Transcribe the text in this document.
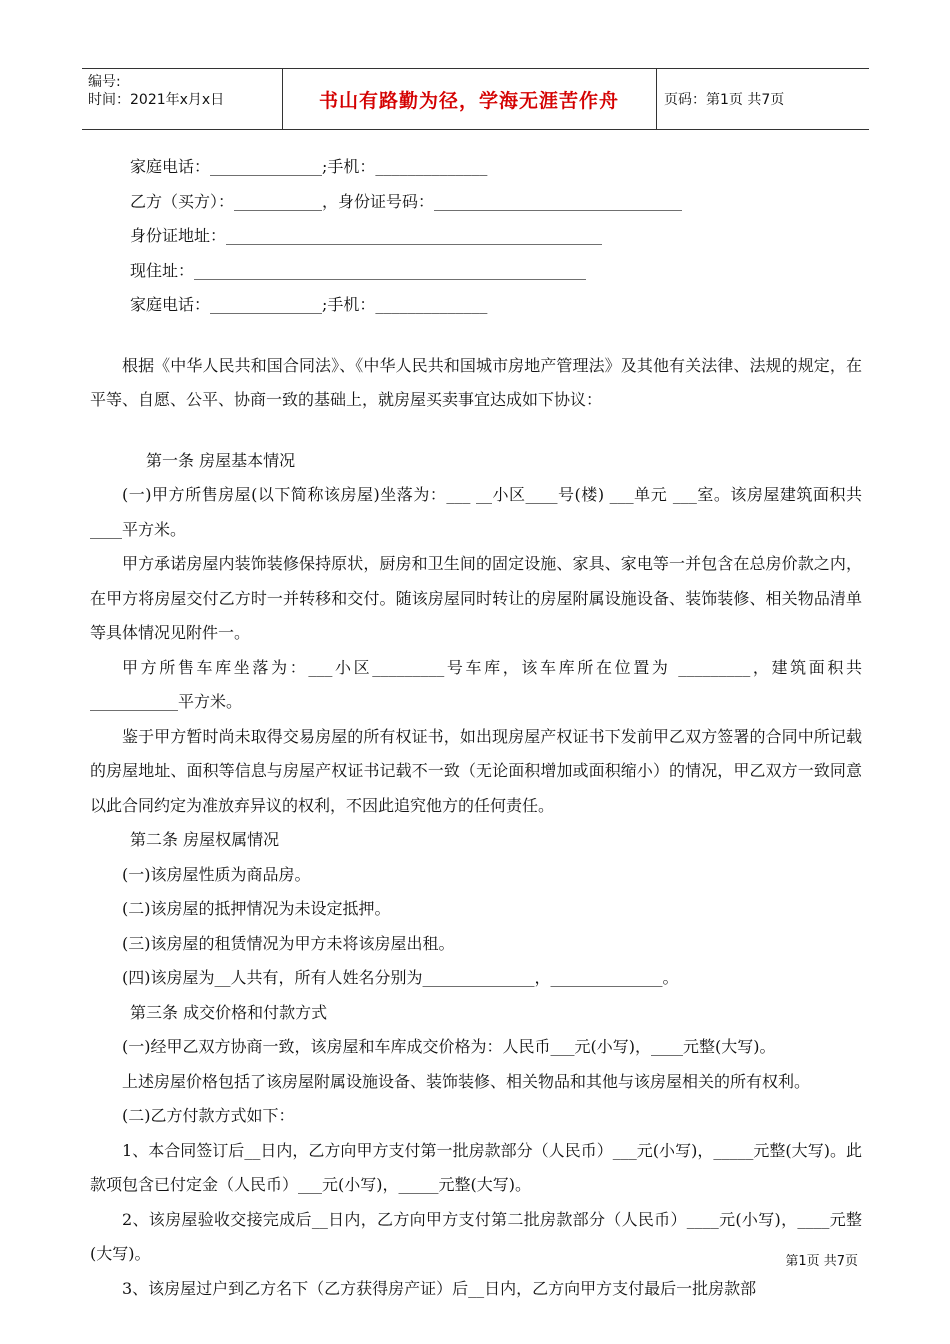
编号:
时间：2021年x月x日	书山有路勤为径，学海无涯苦作舟	页码：第1页 共7页

家庭电话：______________;手机：______________

乙方（买方）：___________，身份证号码：_______________________________

身份证地址：_______________________________________________

现住址：_________________________________________________

家庭电话：______________;手机：______________

根据《中华人民共和国合同法》、《中华人民共和国城市房地产管理法》及其他有关法律、法规的规定，在平等、自愿、公平、协商一致的基础上，就房屋买卖事宜达成如下协议：

第一条 房屋基本情况

(一)甲方所售房屋(以下简称该房屋)坐落为：___ __小区____号(楼) ___单元 ___室。该房屋建筑面积共____平方米。

甲方承诺房屋内装饰装修保持原状，厨房和卫生间的固定设施、家具、家电等一并包含在总房价款之内，在甲方将房屋交付乙方时一并转移和交付。随该房屋同时转让的房屋附属设施设备、装饰装修、相关物品清单等具体情况见附件一。

甲方所售车库坐落为：___小区_________号车库，该车库所在位置为 _________，建筑面积共___________平方米。

鉴于甲方暂时尚未取得交易房屋的所有权证书，如出现房屋产权证书下发前甲乙双方签署的合同中所记载的房屋地址、面积等信息与房屋产权证书记载不一致（无论面积增加或面积缩小）的情况，甲乙双方一致同意以此合同约定为准放弃异议的权利，不因此追究他方的任何责任。

第二条 房屋权属情况

(一)该房屋性质为商品房。

(二)该房屋的抵押情况为未设定抵押。

(三)该房屋的租赁情况为甲方未将该房屋出租。

(四)该房屋为__人共有，所有人姓名分别为______________，______________。

第三条 成交价格和付款方式

(一)经甲乙双方协商一致，该房屋和车库成交价格为：人民币___元(小写)，____元整(大写)。

上述房屋价格包括了该房屋附属设施设备、装饰装修、相关物品和其他与该房屋相关的所有权利。

(二)乙方付款方式如下：

1、本合同签订后__日内，乙方向甲方支付第一批房款部分（人民币）___元(小写)，_____元整(大写)。此款项包含已付定金（人民币）___元(小写)，_____元整(大写)。

2、该房屋验收交接完成后__日内，乙方向甲方支付第二批房款部分（人民币）____元(小写)，____元整(大写)。

3、该房屋过户到乙方名下（乙方获得房产证）后__日内，乙方向甲方支付最后一批房款部

第1页 共7页
